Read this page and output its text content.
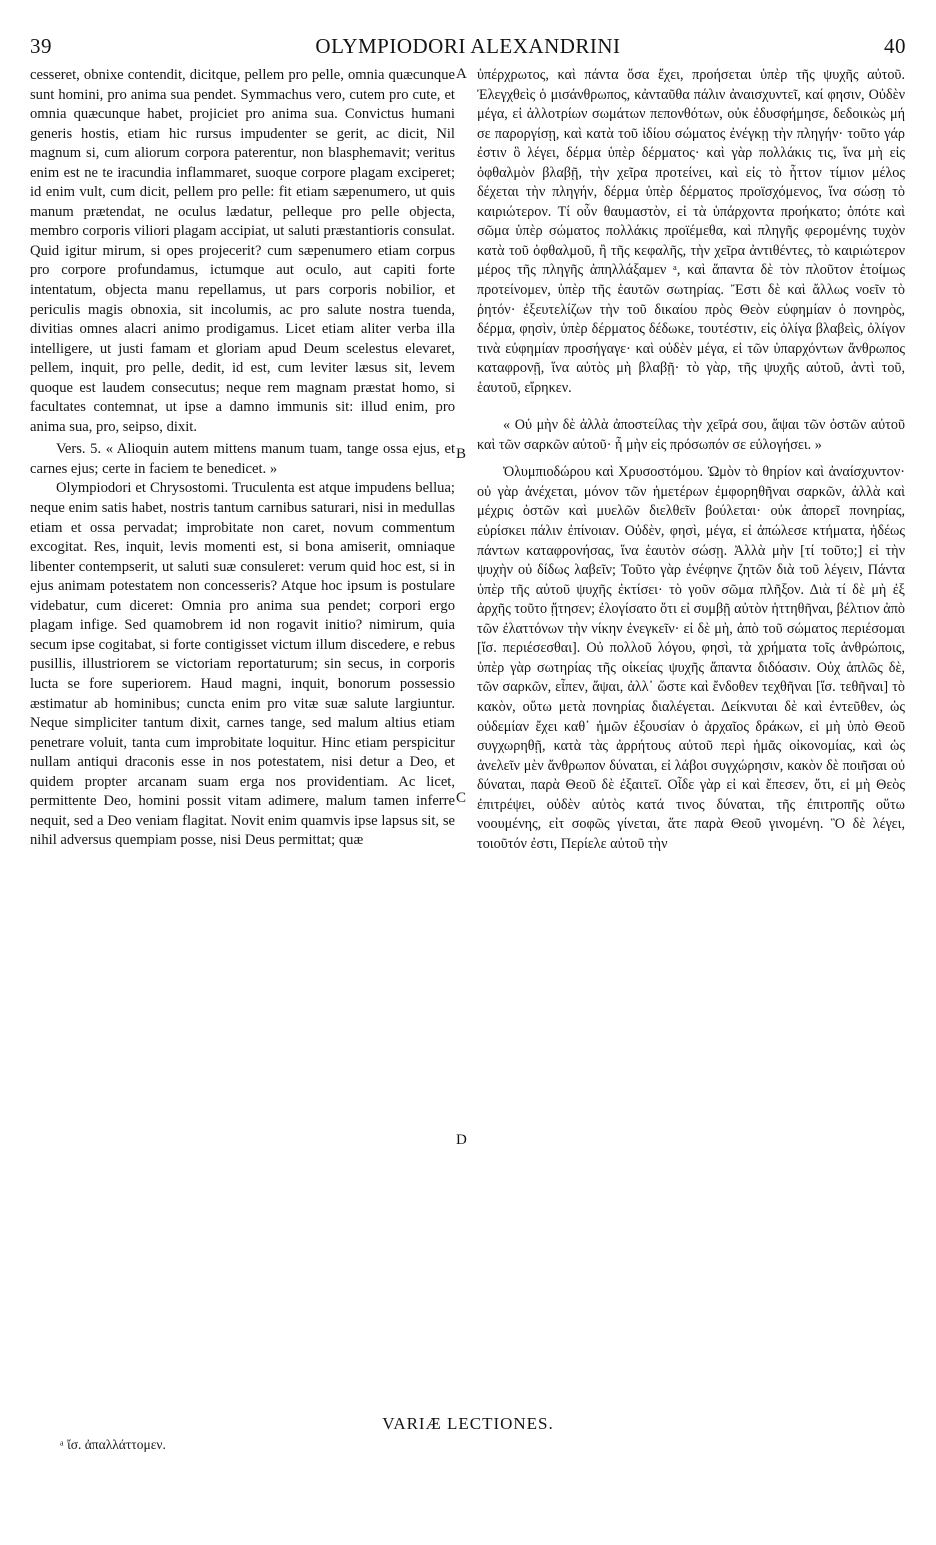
39	OLYMPIODORI ALEXANDRINI	40

cesseret, obnixe contendit, dicitque, pellem pro pelle, omnia quæcunque sunt homini, pro anima sua pendet. Symmachus vero, cutem pro cute, et omnia quæcunque habet, projiciet pro anima sua. Convictus humani generis hostis, etiam hic rursus impudenter se gerit, ac dicit, Nil magnum si, cum aliorum corpora paterentur, non blasphemavit; veritus enim est ne te iracundia inflammaret, suoque corpore plagam exciperet; id enim vult, cum dicit, pellem pro pelle: fit etiam sæpenumero, ut quis manum prætendat, ne oculus lædatur, pelleque pro pelle objecta, membro corporis viliori plagam accipiat, ut saluti præstantioris consulat. Quid igitur mirum, si opes projecerit? cum sæpenumero etiam corpus pro corpore profundamus, ictumque aut oculo, aut capiti forte intentatum, objecta manu repellamus, ut pars corporis nobilior, et periculis magis obnoxia, sit incolumis, ac pro salute nostra tuenda, divitias omnes alacri animo prodigamus. Licet etiam aliter verba illa intelligere, ut justi famam et gloriam apud Deum scelestus elevaret, pellem, inquit, pro pelle, dedit, id est, cum leviter læsus sit, levem quoque est laudem consecutus; neque rem magnam præstat homo, si facultates contemnat, ut ipse a damno immunis sit: illud enim, pro anima sua, pro, seipso, dixit.

Vers. 5. « Alioquin autem mittens manum tuam, tange ossa ejus, et carnes ejus; certe in faciem te benedicet. »

Olympiodori et Chrysostomi. Truculenta est atque impudens bellua; neque enim satis habet, nostris tantum carnibus saturari, nisi in medullas etiam et ossa pervadat; improbitate non caret, novum commentum excogitat. Res, inquit, levis momenti est, si bona amiserit, omniaque libenter contempserit, ut saluti suæ consuleret: verum quid hoc est, si in ejus animam potestatem non concesseris? Atque hoc ipsum is postulare videbatur, cum diceret: Omnia pro anima sua pendet; corpori ergo plagam infige. Sed quamobrem id non rogavit initio? nimirum, quia secum ipse cogitabat, si forte contigisset victum illum discedere, e rebus pusillis, illustriorem se victoriam reportaturum; sin secus, in corporis lucta se fore superiorem. Haud magni, inquit, bonorum possessio æstimatur ab hominibus; cuncta enim pro vitæ suæ salute largiuntur. Neque simpliciter tantum dixit, carnes tange, sed malum altius etiam penetrare voluit, tanta cum improbitate loquitur. Hinc etiam perspicitur nullam antiqui draconis esse in nos potestatem, nisi detur a Deo, et quidem propter arcanam suam erga nos providentiam. Ac licet, permittente Deo, homini possit vitam adimere, malum tamen inferre nequit, sed a Deo veniam flagitat. Novit enim quamvis ipse lapsus sit, se nihil adversus quempiam posse, nisi Deus permittat; quæ

A
B
C
D

ὑπέρχρωτος, καὶ πάντα ὅσα ἔχει, προήσεται ὑπὲρ τῆς ψυχῆς αὐτοῦ. Ἐλεγχθεὶς ὁ μισάνθρωπος, κἀνταῦθα πάλιν ἀναισχυντεῖ, καί φησιν, Οὐδὲν μέγα, εἰ ἀλλοτρίων σωμάτων πεπονθότων, οὐκ ἐδυσφήμησε, δεδοικὼς μή σε παροργίσῃ, καὶ κατὰ τοῦ ἰδίου σώματος ἐνέγκῃ τὴν πληγήν· τοῦτο γάρ ἐστιν ὃ λέγει, δέρμα ὑπὲρ δέρματος· καὶ γὰρ πολλάκις τις, ἵνα μὴ εἰς ὀφθαλμὸν βλαβῇ, τὴν χεῖρα προτείνει, καὶ εἰς τὸ ἧττον τίμιον μέλος δέχεται τὴν πληγήν, δέρμα ὑπὲρ δέρματος προϊσχόμενος, ἵνα σώσῃ τὸ καιριώτερον. Τί οὖν θαυμαστὸν, εἰ τὰ ὑπάρχοντα προήκατο; ὁπότε καὶ σῶμα ὑπὲρ σώματος πολλάκις προϊέμεθα, καὶ πληγῆς φερομένης τυχὸν κατὰ τοῦ ὀφθαλμοῦ, ἢ τῆς κεφαλῆς, τὴν χεῖρα ἀντιθέντες, τὸ καιριώτερον μέρος τῆς πληγῆς ἀπηλλάξαμεν ᵃ, καὶ ἅπαντα δὲ τὸν πλοῦτον ἑτοίμως προτείνομεν, ὑπὲρ τῆς ἑαυτῶν σωτηρίας. Ἔστι δὲ καὶ ἄλλως νοεῖν τὸ ῥητόν· ἐξευτελίζων τὴν τοῦ δικαίου πρὸς Θεὸν εὐφημίαν ὁ πονηρὸς, δέρμα, φησὶν, ὑπὲρ δέρματος δέδωκε, τουτέστιν, εἰς ὀλίγα βλαβεὶς, ὀλίγον τινὰ εὐφημίαν προσήγαγε· καὶ οὐδὲν μέγα, εἰ τῶν ὑπαρχόντων ἄνθρωπος καταφρονῇ, ἵνα αὐτὸς μὴ βλαβῇ· τὸ γὰρ, τῆς ψυχῆς αὐτοῦ, ἀντὶ τοῦ, ἑαυτοῦ, εἴρηκεν.

« Οὐ μὴν δὲ ἀλλὰ ἀποστείλας τὴν χεῖρά σου, ἅψαι τῶν ὀστῶν αὐτοῦ καὶ τῶν σαρκῶν αὐτοῦ· ἦ μὴν εἰς πρόσωπόν σε εὐλογήσει. »

Ὀλυμπιοδώρου καὶ Χρυσοστόμου. Ὠμὸν τὸ θηρίον καὶ ἀναίσχυντον· οὐ γὰρ ἀνέχεται, μόνον τῶν ἡμετέρων ἐμφορηθῆναι σαρκῶν, ἀλλὰ καὶ μέχρις ὀστῶν καὶ μυελῶν διελθεῖν βούλεται· οὐκ ἀπορεῖ πονηρίας, εὑρίσκει πάλιν ἐπίνοιαν. Οὐδὲν, φησὶ, μέγα, εἰ ἀπώλεσε κτήματα, ἡδέως πάντων καταφρονήσας, ἵνα ἑαυτὸν σώσῃ. Ἀλλὰ μὴν [τί τοῦτο;] εἰ τὴν ψυχὴν οὐ δίδως λαβεῖν; Τοῦτο γὰρ ἐνέφηνε ζητῶν διὰ τοῦ λέγειν, Πάντα ὑπὲρ τῆς αὐτοῦ ψυχῆς ἐκτίσει· τὸ γοῦν σῶμα πλῆξον. Διὰ τί δὲ μὴ ἐξ ἀρχῆς τοῦτο ᾔτησεν; ἐλογίσατο ὅτι εἰ συμβῇ αὐτὸν ἡττηθῆναι, βέλτιον ἀπὸ τῶν ἐλαττόνων τὴν νίκην ἐνεγκεῖν· εἰ δὲ μὴ, ἀπὸ τοῦ σώματος περιέσομαι [ἴσ. περιέσεσθαι]. Οὐ πολλοῦ λόγου, φησὶ, τὰ χρήματα τοῖς ἀνθρώποις, ὑπὲρ γὰρ σωτηρίας τῆς οἰκείας ψυχῆς ἅπαντα διδόασιν. Οὐχ ἁπλῶς δὲ, τῶν σαρκῶν, εἶπεν, ἅψαι, ἀλλ᾽ ὥστε καὶ ἔνδοθεν τεχθῆναι [ἴσ. τεθῆναι] τὸ κακὸν, οὕτω μετὰ πονηρίας διαλέγεται. Δείκνυται δὲ καὶ ἐντεῦθεν, ὡς οὐδεμίαν ἔχει καθ᾽ ἡμῶν ἐξουσίαν ὁ ἀρχαῖος δράκων, εἰ μὴ ὑπὸ Θεοῦ συγχωρηθῇ, κατὰ τὰς ἀρρήτους αὐτοῦ περὶ ἡμᾶς οἰκονομίας, καὶ ὡς ἀνελεῖν μὲν ἄνθρωπον δύναται, εἰ λάβοι συγχώρησιν, κακὸν δὲ ποιῆσαι οὐ δύναται, παρὰ Θεοῦ δὲ ἐξαιτεῖ. Οἶδε γὰρ εἰ καὶ ἔπεσεν, ὅτι, εἰ μὴ Θεὸς ἐπιτρέψει, οὐδὲν αὐτὸς κατά τινος δύναται, τῆς ἐπιτροπῆς οὕτω νοουμένης, εἰτ σοφῶς γίνεται, ἅτε παρὰ Θεοῦ γινομένη. Ὃ δὲ λέγει, τοιοῦτόν ἐστι, Περίελε αὐτοῦ τὴν

VARIÆ LECTIONES.
ᵃ ἴσ. ἀπαλλάττομεν.
